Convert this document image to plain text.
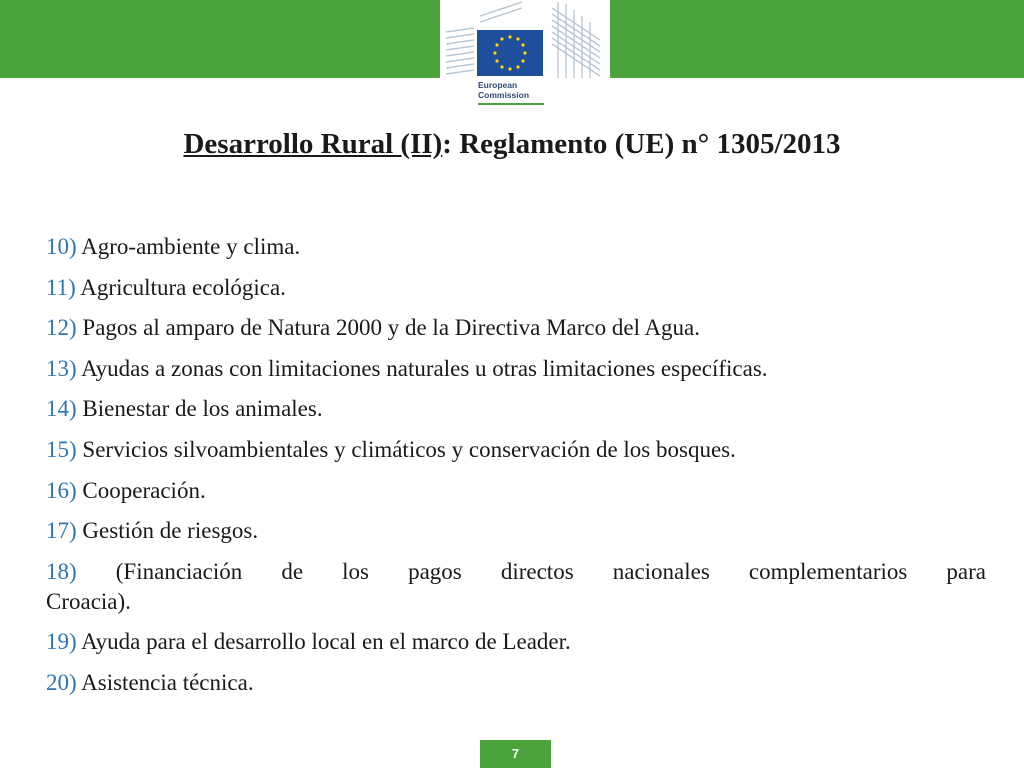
European
Commission
Desarrollo Rural (II): Reglamento (UE) n° 1305/2013
10) Agro-ambiente y clima.
11) Agricultura ecológica.
12) Pagos al amparo de Natura 2000 y de la Directiva Marco del Agua.
13) Ayudas a zonas con limitaciones naturales u otras limitaciones específicas.
14) Bienestar de los animales.
15) Servicios silvoambientales y climáticos y conservación de los bosques.
16) Cooperación.
17) Gestión de riesgos.
18) (Financiación de los pagos directos nacionales complementarios para
Croacia).
19) Ayuda para el desarrollo local en el marco de Leader.
20) Asistencia técnica.
7
